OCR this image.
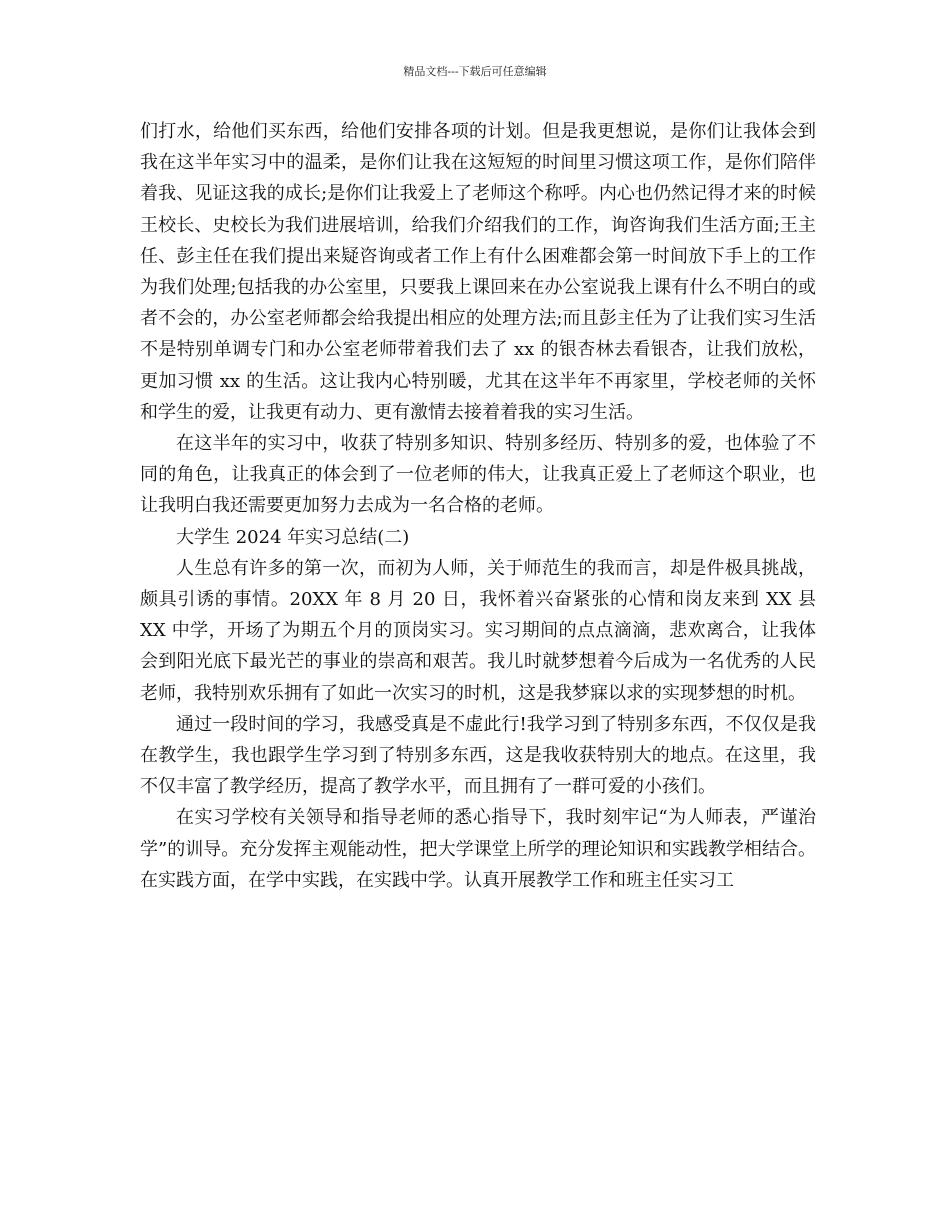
精品文档---下载后可任意编辑

们打水，给他们买东西，给他们安排各项的计划。但是我更想说，是你们让我体会到我在这半年实习中的温柔，是你们让我在这短短的时间里习惯这项工作，是你们陪伴着我、见证这我的成长;是你们让我爱上了老师这个称呼。内心也仍然记得才来的时候王校长、史校长为我们进展培训，给我们介绍我们的工作，询咨询我们生活方面;王主任、彭主任在我们提出来疑咨询或者工作上有什么困难都会第一时间放下手上的工作为我们处理;包括我的办公室里，只要我上课回来在办公室说我上课有什么不明白的或者不会的，办公室老师都会给我提出相应的处理方法;而且彭主任为了让我们实习生活不是特别单调专门和办公室老师带着我们去了 xx 的银杏林去看银杏，让我们放松，更加习惯 xx 的生活。这让我内心特别暖，尤其在这半年不再家里，学校老师的关怀和学生的爱，让我更有动力、更有激情去接着着我的实习生活。

在这半年的实习中，收获了特别多知识、特别多经历、特别多的爱，也体验了不同的角色，让我真正的体会到了一位老师的伟大，让我真正爱上了老师这个职业，也让我明白我还需要更加努力去成为一名合格的老师。

大学生 2024 年实习总结(二)

人生总有许多的第一次，而初为人师，关于师范生的我而言，却是件极具挑战，颇具引诱的事情。20XX 年 8 月 20 日，我怀着兴奋紧张的心情和岗友来到 XX 县 XX 中学，开场了为期五个月的顶岗实习。实习期间的点点滴滴，悲欢离合，让我体会到阳光底下最光芒的事业的崇高和艰苦。我儿时就梦想着今后成为一名优秀的人民老师，我特别欢乐拥有了如此一次实习的时机，这是我梦寐以求的实现梦想的时机。

通过一段时间的学习，我感受真是不虚此行!我学习到了特别多东西，不仅仅是我在教学生，我也跟学生学习到了特别多东西，这是我收获特别大的地点。在这里，我不仅丰富了教学经历，提高了教学水平，而且拥有了一群可爱的小孩们。

在实习学校有关领导和指导老师的悉心指导下，我时刻牢记“为人师表，严谨治学”的训导。充分发挥主观能动性，把大学课堂上所学的理论知识和实践教学相结合。在实践方面，在学中实践，在实践中学。认真开展教学工作和班主任实习工
